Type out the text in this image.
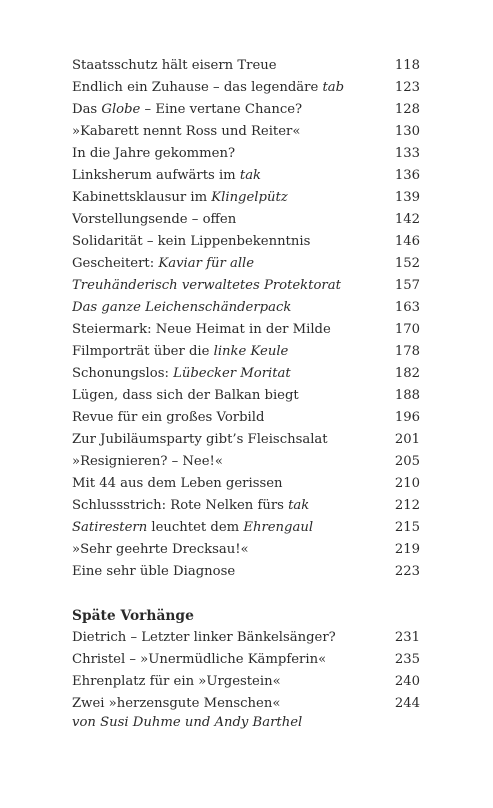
Staatsschutz hält eisern Treue	118
Endlich ein Zuhause – das legendäre tab	123
Das Globe – Eine vertane Chance?	128
»Kabarett nennt Ross und Reiter«	130
In die Jahre gekommen?	133
Linksherum aufwärts im tak	136
Kabinettsklausur im Klingelpütz	139
Vorstellungsende – offen	142
Solidarität – kein Lippenbekenntnis	146
Gescheitert: Kaviar für alle	152
Treuhänderisch verwaltetes Protektorat	157
Das ganze Leichenschänderpack	163
Steiermark: Neue Heimat in der Milde	170
Filmporträt über die linke Keule	178
Schonungslos: Lübecker Moritat	182
Lügen, dass sich der Balkan biegt	188
Revue für ein großes Vorbild	196
Zur Jubiläumsparty gibt’s Fleischsalat	201
»Resignieren? – Nee!«	205
Mit 44 aus dem Leben gerissen	210
Schlussstrich: Rote Nelken fürs tak	212
Satirestern leuchtet dem Ehrengaul	215
»Sehr geehrte Drecksau!«	219
Eine sehr üble Diagnose	223
Späte Vorhänge
Dietrich – Letzter linker Bänkelsänger?	231
Christel – »Unermüdliche Kämpferin«	235
Ehrenplatz für ein »Urgestein«	240
Zwei »herzensgute Menschen«	244
von Susi Duhme und Andy Barthel
